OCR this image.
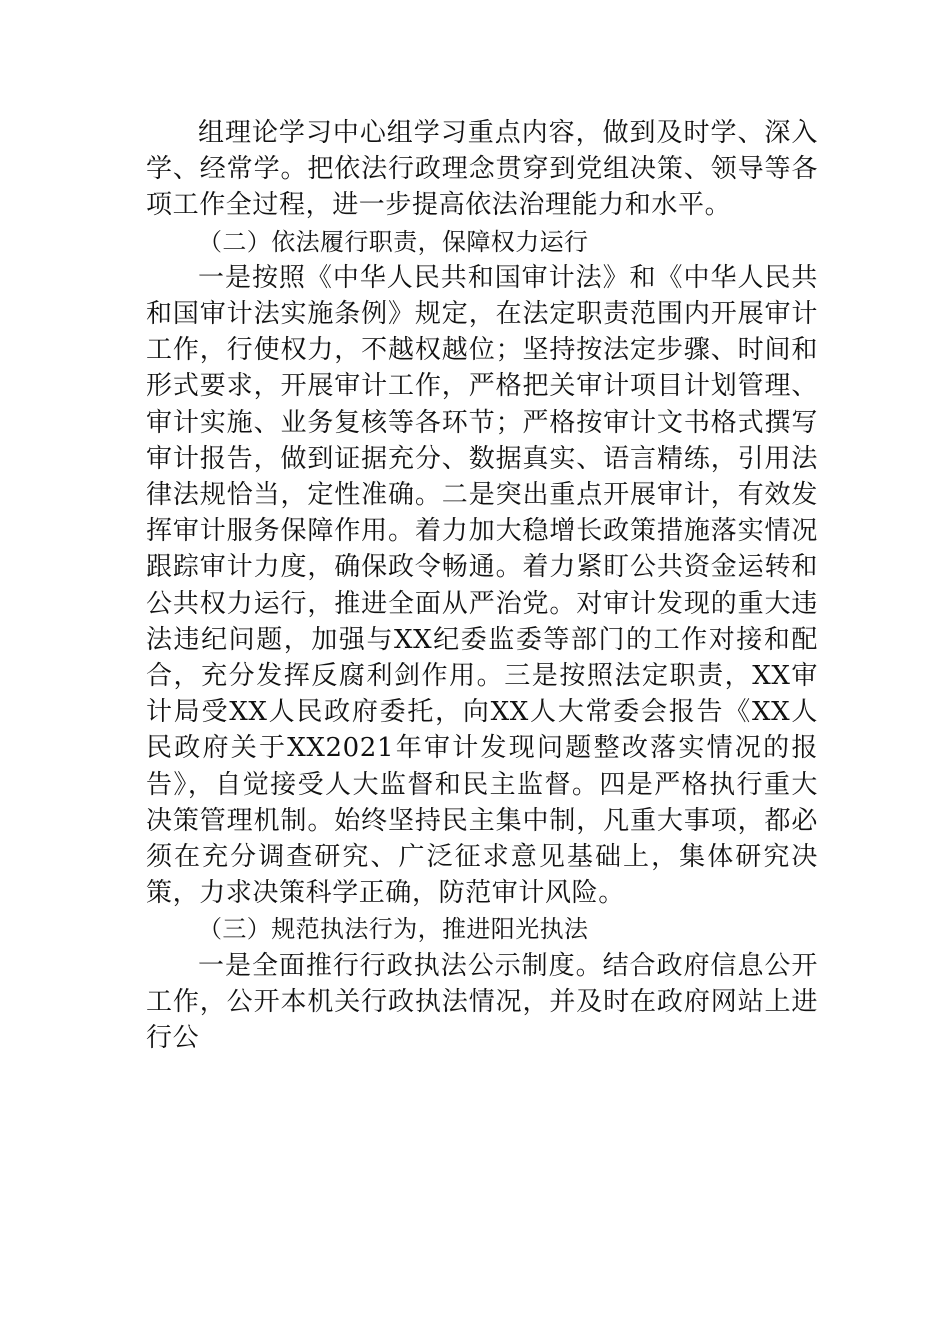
组理论学习中心组学习重点内容，做到及时学、深入学、经常学。把依法行政理念贯穿到党组决策、领导等各项工作全过程，进一步提高依法治理能力和水平。

（二）依法履行职责，保障权力运行

一是按照《中华人民共和国审计法》和《中华人民共和国审计法实施条例》规定，在法定职责范围内开展审计工作，行使权力，不越权越位；坚持按法定步骤、时间和形式要求，开展审计工作，严格把关审计项目计划管理、审计实施、业务复核等各环节；严格按审计文书格式撰写审计报告，做到证据充分、数据真实、语言精练，引用法律法规恰当，定性准确。二是突出重点开展审计，有效发挥审计服务保障作用。着力加大稳增长政策措施落实情况跟踪审计力度，确保政令畅通。着力紧盯公共资金运转和公共权力运行，推进全面从严治党。对审计发现的重大违法违纪问题，加强与XX纪委监委等部门的工作对接和配合，充分发挥反腐利剑作用。三是按照法定职责，XX审计局受XX人民政府委托，向XX人大常委会报告《XX人民政府关于XX2021年审计发现问题整改落实情况的报告》，自觉接受人大监督和民主监督。四是严格执行重大决策管理机制。始终坚持民主集中制，凡重大事项，都必须在充分调查研究、广泛征求意见基础上，集体研究决策，力求决策科学正确，防范审计风险。

（三）规范执法行为，推进阳光执法

一是全面推行行政执法公示制度。结合政府信息公开工作，公开本机关行政执法情况，并及时在政府网站上进行公
